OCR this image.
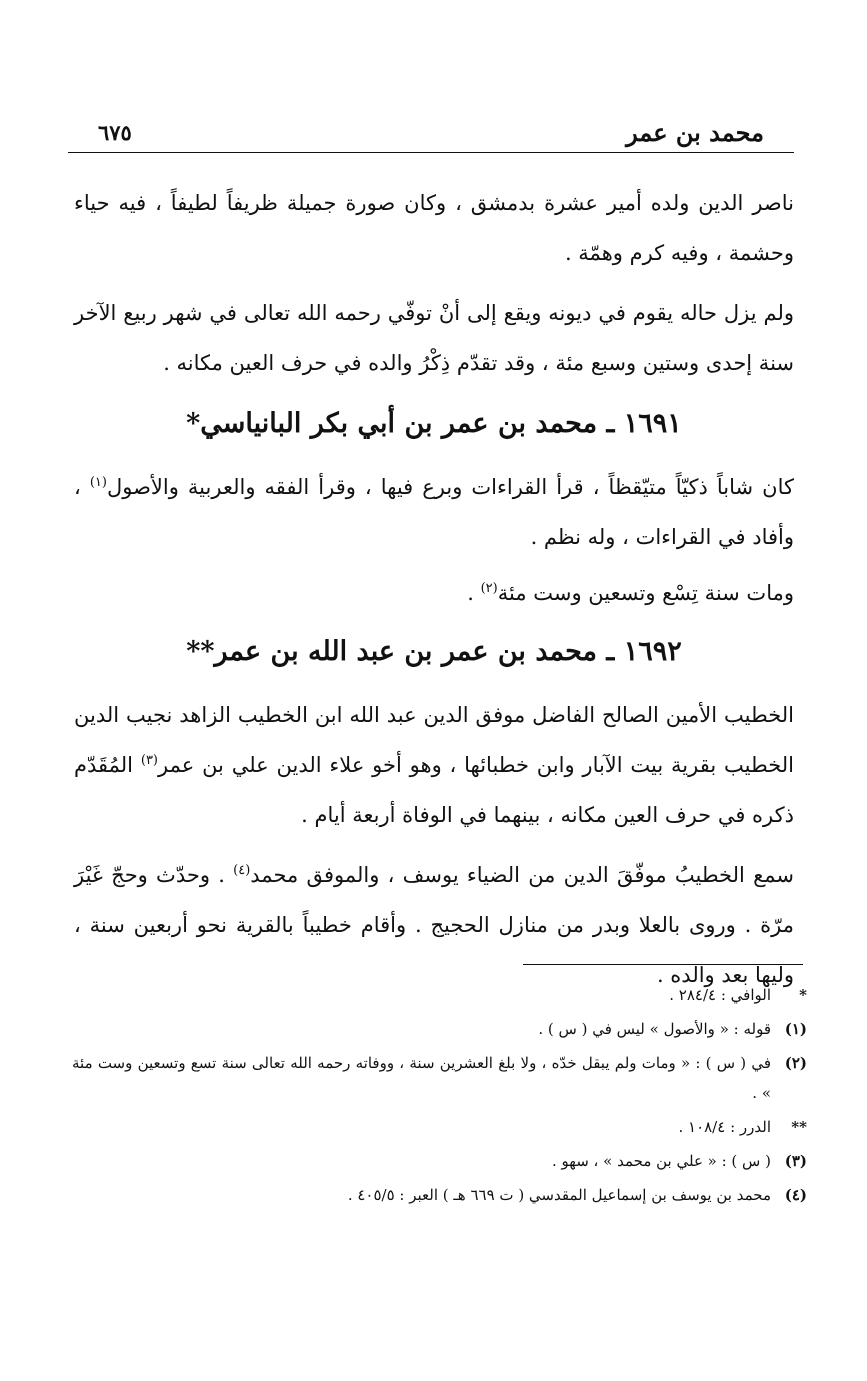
محمد بن عمر
٦٧٥

ناصر الدين ولده أمير عشرة بدمشق ، وكان صورة جميلة ظريفاً لطيفاً ، فيه حياء وحشمة ، وفيه كرم وهمّة .

ولم يزل حاله يقوم في ديونه ويقع إلى أنْ توفّي رحمه الله تعالى في شهر ربيع الآخر سنة إحدى وستين وسبع مئة ، وقد تقدّم ذِكْرُ والده في حرف العين مكانه .

١٦٩١ ـ محمد بن عمر بن أبي بكر البانياسي*

كان شاباً ذكيّاً متيّقظاً ، قرأ القراءات وبرع فيها ، وقرأ الفقه والعربية والأصول$^{(١)}$ ، وأفاد في القراءات ، وله نظم .

ومات سنة تِسْع وتسعين وست مئة$^{(٢)}$ .

١٦٩٢ ـ محمد بن عمر بن عبد الله بن عمر**

الخطيب الأمين الصالح الفاضل موفق الدين عبد الله ابن الخطيب الزاهد نجيب الدين الخطيب بقرية بيت الآبار وابن خطبائها ، وهو أخو علاء الدين علي بن عمر$^{(٣)}$ المُقَدّم ذكره في حرف العين مكانه ، بينهما في الوفاة أربعة أيام .

سمع الخطيبُ موفّقَ الدين من الضياء يوسف ، والموفق محمد$^{(٤)}$ . وحدّث وحجّ غَيْرَ مرّة . وروى بالعلا وبدر من منازل الحجيج . وأقام خطيباً بالقرية نحو أربعين سنة ، وليها بعد والده .

*
الوافي : ٢٨٤/٤ .
(١)
قوله : « والأصول » ليس في ( س ) .
(٢)
في ( س ) : « ومات ولم يبقل خدّه ، ولا بلغ العشرين سنة ، ووفاته رحمه الله تعالى سنة تسع وتسعين وست مئة » .
**
الدرر : ١٠٨/٤ .
(٣)
( س ) : « علي بن محمد » ، سهو .
(٤)
محمد بن يوسف بن إسماعيل المقدسي ( ت ٦٦٩ هـ ) العبر : ٤٠٥/٥ .
